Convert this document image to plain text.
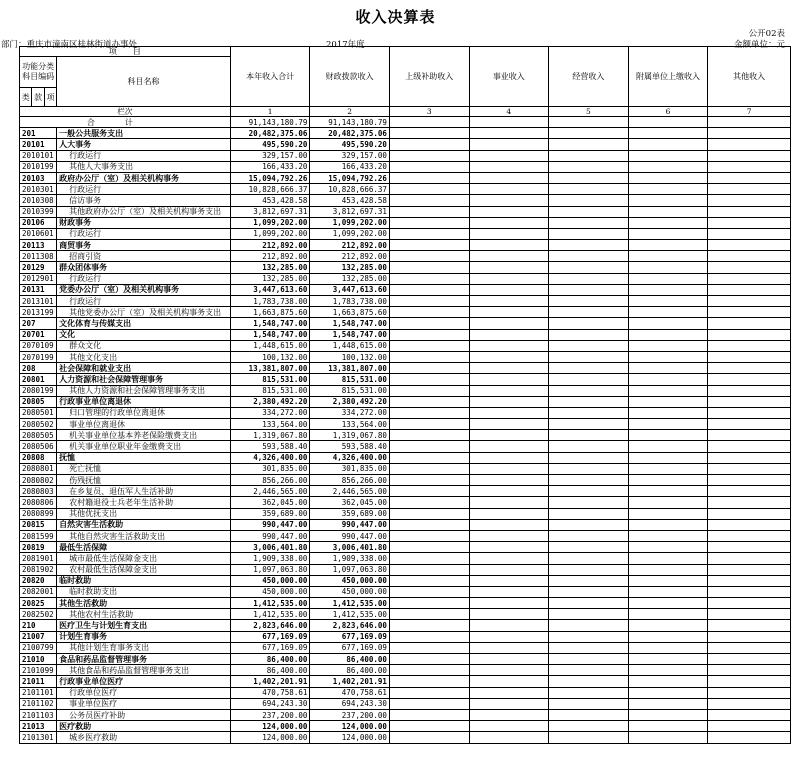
收入决算表
公开02表
部门：重庆市潼南区桂林街道办事处	2017年度	金额单位：元
项　　目				本年收入合计	财政拨款收入	上级补助收入	事业收入	经营收入	附属单位上缴收入	其他收入
功能分类科目编码			科目名称							
类	款	项								
栏次				1	2	3	4	5	6	7
合计				91,143,180.79	91,143,180.79					
201			一般公共服务支出	20,482,375.06	20,482,375.06					
20101			人大事务	495,590.20	495,590.20					
2010101			行政运行	329,157.00	329,157.00					
2010199			其他人大事务支出	166,433.20	166,433.20					
20103			政府办公厅（室）及相关机构事务	15,094,792.26	15,094,792.26					
2010301			行政运行	10,828,666.37	10,828,666.37					
2010308			信访事务	453,428.58	453,428.58					
2010399			其他政府办公厅（室）及相关机构事务支出	3,812,697.31	3,812,697.31					
20106			财政事务	1,099,202.00	1,099,202.00					
2010601			行政运行	1,099,202.00	1,099,202.00					
20113			商贸事务	212,892.00	212,892.00					
2011308			招商引资	212,892.00	212,892.00					
20129			群众团体事务	132,285.00	132,285.00					
2012901			行政运行	132,285.00	132,285.00					
20131			党委办公厅（室）及相关机构事务	3,447,613.60	3,447,613.60					
2013101			行政运行	1,783,738.00	1,783,738.00					
2013199			其他党委办公厅（室）及相关机构事务支出	1,663,875.60	1,663,875.60					
207			文化体育与传媒支出	1,548,747.00	1,548,747.00					
20701			文化	1,548,747.00	1,548,747.00					
2070109			群众文化	1,448,615.00	1,448,615.00					
2070199			其他文化支出	100,132.00	100,132.00					
208			社会保障和就业支出	13,381,807.00	13,381,807.00					
20801			人力资源和社会保障管理事务	815,531.00	815,531.00					
2080199			其他人力资源和社会保障管理事务支出	815,531.00	815,531.00					
20805			行政事业单位离退休	2,380,492.20	2,380,492.20					
2080501			归口管理的行政单位离退休	334,272.00	334,272.00					
2080502			事业单位离退休	133,564.00	133,564.00					
2080505			机关事业单位基本养老保险缴费支出	1,319,067.80	1,319,067.80					
2080506			机关事业单位职业年金缴费支出	593,588.40	593,588.40					
20808			抚恤	4,326,400.00	4,326,400.00					
2080801			死亡抚恤	301,835.00	301,835.00					
2080802			伤残抚恤	856,266.00	856,266.00					
2080803			在乡复员、退伍军人生活补助	2,446,565.00	2,446,565.00					
2080806			农村籍退役士兵老年生活补助	362,045.00	362,045.00					
2080899			其他优抚支出	359,689.00	359,689.00					
20815			自然灾害生活救助	990,447.00	990,447.00					
2081599			其他自然灾害生活救助支出	990,447.00	990,447.00					
20819			最低生活保障	3,006,401.80	3,006,401.80					
2081901			城市最低生活保障金支出	1,909,338.00	1,909,338.00					
2081902			农村最低生活保障金支出	1,097,063.80	1,097,063.80					
20820			临时救助	450,000.00	450,000.00					
2082001			临时救助支出	450,000.00	450,000.00					
20825			其他生活救助	1,412,535.00	1,412,535.00					
2082502			其他农村生活救助	1,412,535.00	1,412,535.00					
210			医疗卫生与计划生育支出	2,823,646.00	2,823,646.00					
21007			计划生育事务	677,169.09	677,169.09					
2100799			其他计划生育事务支出	677,169.09	677,169.09					
21010			食品和药品监督管理事务	86,400.00	86,400.00					
2101099			其他食品和药品监督管理事务支出	86,400.00	86,400.00					
21011			行政事业单位医疗	1,402,201.91	1,402,201.91					
2101101			行政单位医疗	470,758.61	470,758.61					
2101102			事业单位医疗	694,243.30	694,243.30					
2101103			公务员医疗补助	237,200.00	237,200.00					
21013			医疗救助	124,000.00	124,000.00					
2101301			城乡医疗救助	124,000.00	124,000.00					
